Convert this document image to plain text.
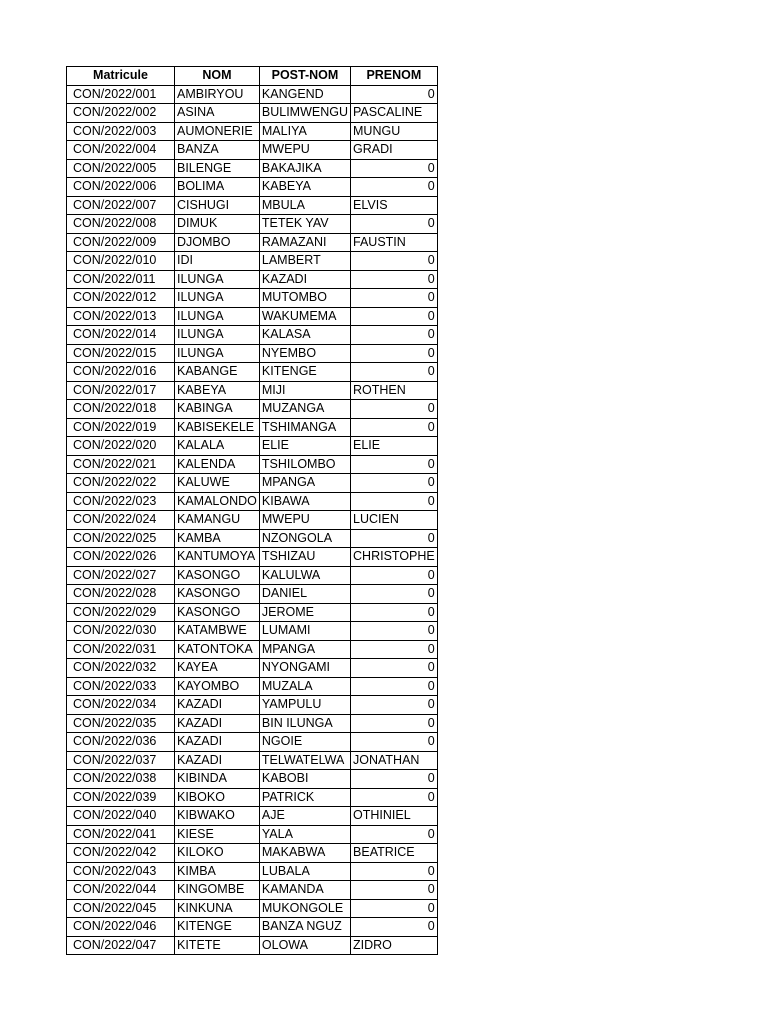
Matricule	NOM	POST-NOM	PRENOM
CON/2022/001	AMBIRYOU	KANGEND	0
CON/2022/002	ASINA	BULIMWENGU	PASCALINE
CON/2022/003	AUMONERIE	MALIYA	MUNGU
CON/2022/004	BANZA	MWEPU	GRADI
CON/2022/005	BILENGE	BAKAJIKA	0
CON/2022/006	BOLIMA	KABEYA	0
CON/2022/007	CISHUGI	MBULA	ELVIS
CON/2022/008	DIMUK	TETEK YAV	0
CON/2022/009	DJOMBO	RAMAZANI	FAUSTIN
CON/2022/010	IDI	LAMBERT	0
CON/2022/011	ILUNGA	KAZADI	0
CON/2022/012	ILUNGA	MUTOMBO	0
CON/2022/013	ILUNGA	WAKUMEMA	0
CON/2022/014	ILUNGA	KALASA	0
CON/2022/015	ILUNGA	NYEMBO	0
CON/2022/016	KABANGE	KITENGE	0
CON/2022/017	KABEYA	MIJI	ROTHEN
CON/2022/018	KABINGA	MUZANGA	0
CON/2022/019	KABISEKELE	TSHIMANGA	0
CON/2022/020	KALALA	ELIE	ELIE
CON/2022/021	KALENDA	TSHILOMBO	0
CON/2022/022	KALUWE	MPANGA	0
CON/2022/023	KAMALONDO	KIBAWA	0
CON/2022/024	KAMANGU	MWEPU	LUCIEN
CON/2022/025	KAMBA	NZONGOLA	0
CON/2022/026	KANTUMOYA	TSHIZAU	CHRISTOPHE
CON/2022/027	KASONGO	KALULWA	0
CON/2022/028	KASONGO	DANIEL	0
CON/2022/029	KASONGO	JEROME	0
CON/2022/030	KATAMBWE	LUMAMI	0
CON/2022/031	KATONTOKA	MPANGA	0
CON/2022/032	KAYEA	NYONGAMI	0
CON/2022/033	KAYOMBO	MUZALA	0
CON/2022/034	KAZADI	YAMPULU	0
CON/2022/035	KAZADI	BIN ILUNGA	0
CON/2022/036	KAZADI	NGOIE	0
CON/2022/037	KAZADI	TELWATELWA	JONATHAN
CON/2022/038	KIBINDA	KABOBI	0
CON/2022/039	KIBOKO	PATRICK	0
CON/2022/040	KIBWAKO	AJE	OTHINIEL
CON/2022/041	KIESE	YALA	0
CON/2022/042	KILOKO	MAKABWA	BEATRICE
CON/2022/043	KIMBA	LUBALA	0
CON/2022/044	KINGOMBE	KAMANDA	0
CON/2022/045	KINKUNA	MUKONGOLE	0
CON/2022/046	KITENGE	BANZA NGUZ	0
CON/2022/047	KITETE	OLOWA	ZIDRO
